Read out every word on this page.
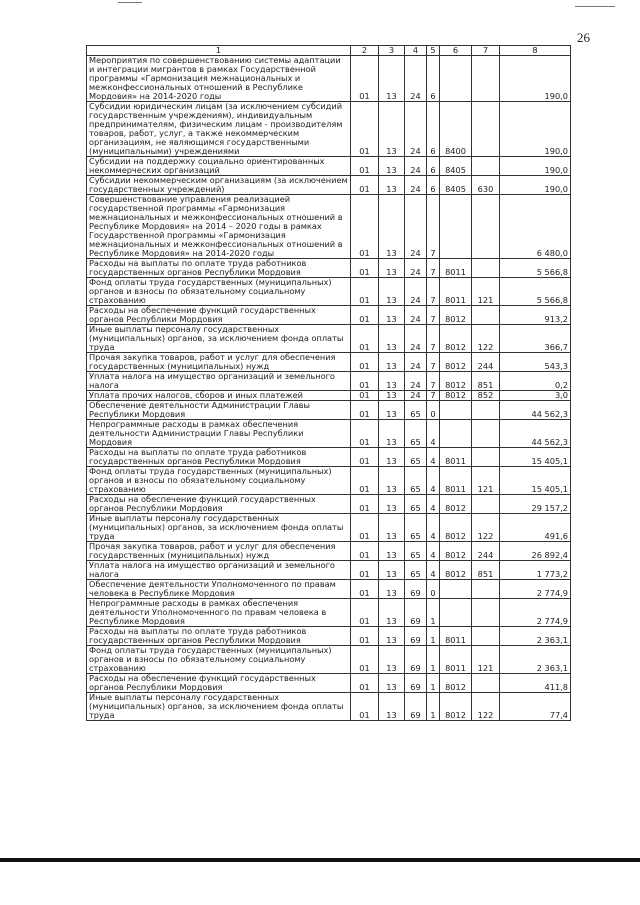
26
1	2	3	4	5	6	7	8
Мероприятия по совершенствованию системы адаптации и интеграции мигрантов в рамках Государственной программы «Гармонизация межнациональных и межконфессиональных отношений в Республике Мордовия» на 2014-2020 годы	01	13	24	6			190,0
Субсидии юридическим лицам (за исключением субсидий государственным учреждениям), индивидуальным предпринимателям, физическим лицам - производителям товаров, работ, услуг, а также некоммерческим организациям, не являющимся государственными (муниципальными) учреждениями	01	13	24	6	8400		190,0
Субсидии на поддержку социально ориентированных некоммерческих организаций	01	13	24	6	8405		190,0
Субсидии некоммерческим организациям (за исключением государственных учреждений)	01	13	24	6	8405	630	190,0
Совершенствование управления реализацией государственной программы «Гармонизация межнациональных и межконфессиональных отношений в Республике Мордовия» на 2014 – 2020 годы в рамках Государственной программы «Гармонизация межнациональных и межконфессиональных отношений в Республике Мордовия» на 2014-2020 годы	01	13	24	7			6 480,0
Расходы на выплаты по оплате труда работников государственных органов Республики Мордовия	01	13	24	7	8011		5 566,8
Фонд оплаты труда государственных (муниципальных) органов и взносы по обязательному социальному страхованию	01	13	24	7	8011	121	5 566,8
Расходы на обеспечение функций государственных органов Республики Мордовия	01	13	24	7	8012		913,2
Иные выплаты персоналу государственных (муниципальных) органов, за исключением фонда оплаты труда	01	13	24	7	8012	122	366,7
Прочая закупка товаров, работ и услуг для обеспечения государственных (муниципальных) нужд	01	13	24	7	8012	244	543,3
Уплата налога на имущество организаций и земельного налога	01	13	24	7	8012	851	0,2
Уплата прочих налогов, сборов и иных платежей	01	13	24	7	8012	852	3,0
Обеспечение деятельности Администрации Главы Республики Мордовия	01	13	65	0			44 562,3
Непрограммные расходы в рамках обеспечения деятельности Администрации Главы Республики Мордовия	01	13	65	4			44 562,3
Расходы на выплаты по оплате труда работников государственных органов Республики Мордовия	01	13	65	4	8011		15 405,1
Фонд оплаты труда государственных (муниципальных) органов и взносы по обязательному социальному страхованию	01	13	65	4	8011	121	15 405,1
Расходы на обеспечение функций государственных органов Республики Мордовия	01	13	65	4	8012		29 157,2
Иные выплаты персоналу государственных (муниципальных) органов, за исключением фонда оплаты труда	01	13	65	4	8012	122	491,6
Прочая закупка товаров, работ и услуг для обеспечения государственных (муниципальных) нужд	01	13	65	4	8012	244	26 892,4
Уплата налога на имущество организаций и земельного налога	01	13	65	4	8012	851	1 773,2
Обеспечение деятельности Уполномоченного по правам человека в Республике Мордовия	01	13	69	0			2 774,9
Непрограммные расходы в рамках обеспечения деятельности Уполномоченного по правам человека в Республике Мордовия	01	13	69	1			2 774,9
Расходы на выплаты по оплате труда работников государственных органов Республики Мордовия	01	13	69	1	8011		2 363,1
Фонд оплаты труда государственных (муниципальных) органов и взносы по обязательному социальному страхованию	01	13	69	1	8011	121	2 363,1
Расходы на обеспечение функций государственных органов Республики Мордовия	01	13	69	1	8012		411,8
Иные выплаты персоналу государственных (муниципальных) органов, за исключением фонда оплаты труда	01	13	69	1	8012	122	77,4
